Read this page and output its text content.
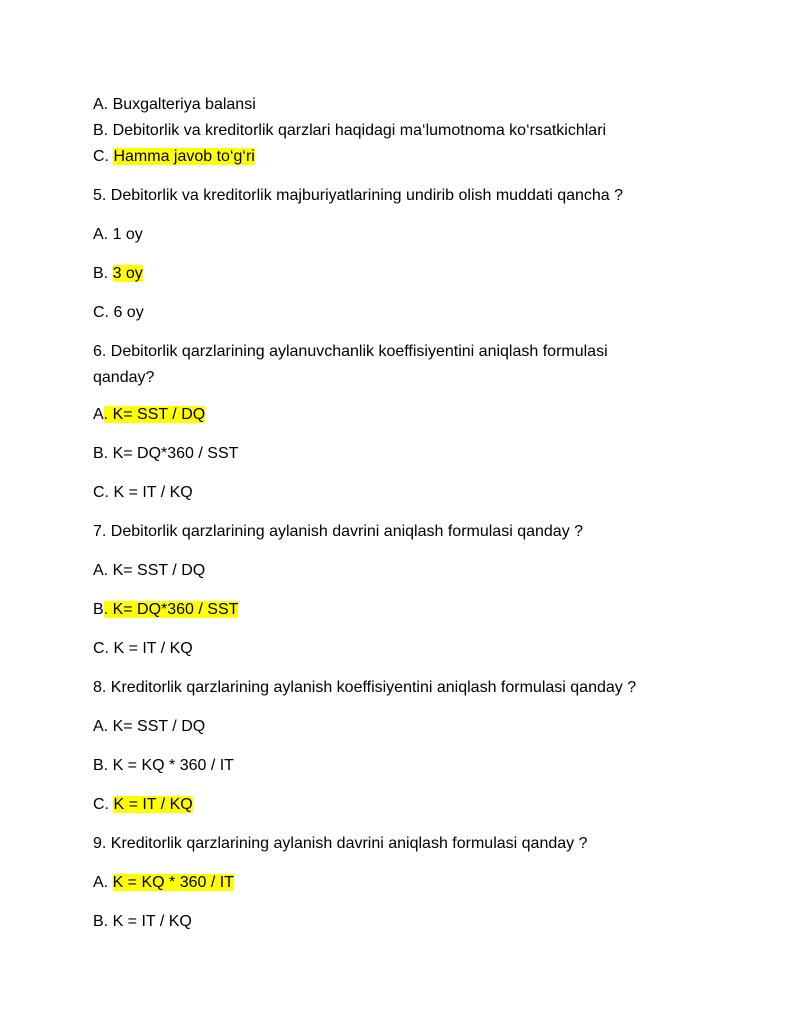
A. Buxgalteriya balansi
B. Debitorlik va kreditorlik qarzlari haqidagi ma‘lumotnoma ko‘rsatkichlari
C. Hamma javob to‘g‘ri
5. Debitorlik va kreditorlik majburiyatlarining undirib olish muddati qancha ?
A. 1 oy
B. 3 oy
C. 6 oy
6. Debitorlik qarzlarining aylanuvchanlik koeffisiyentini aniqlash formulasi qanday?
A. K= SST / DQ
B. K= DQ*360 / SST
C. K = IT / KQ
7. Debitorlik qarzlarining aylanish davrini aniqlash formulasi qanday ?
A. K= SST / DQ
B. K= DQ*360 / SST
C. K = IT / KQ
8. Kreditorlik qarzlarining aylanish koeffisiyentini aniqlash formulasi qanday ?
A. K= SST / DQ
B. K = KQ * 360 / IT
C. K = IT / KQ
9. Kreditorlik qarzlarining aylanish davrini aniqlash formulasi qanday ?
A. K = KQ * 360 / IT
B. K = IT / KQ
